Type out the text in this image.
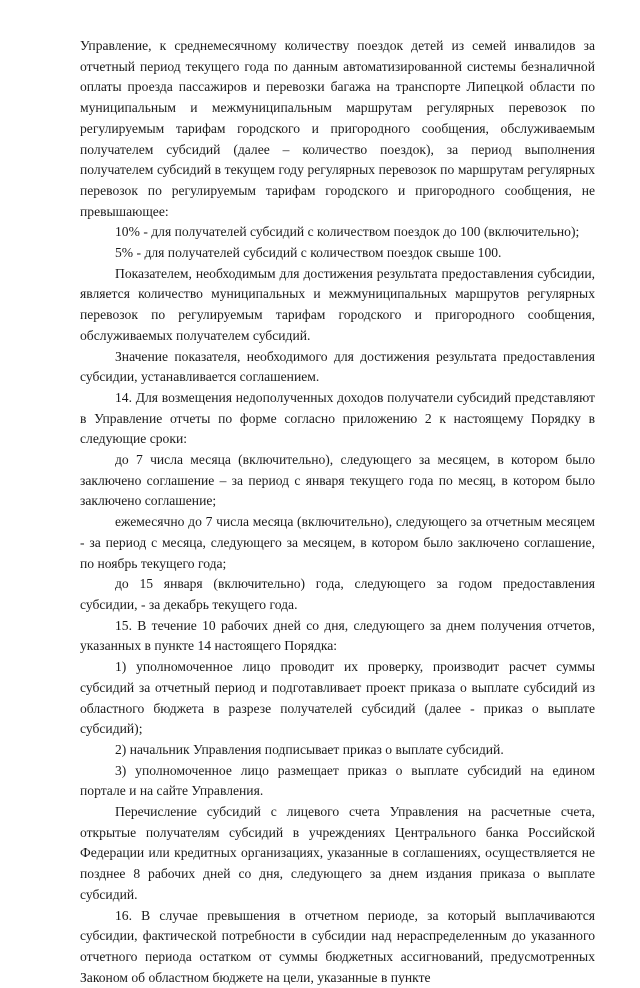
Управление, к среднемесячному количеству поездок детей из семей инвалидов за отчетный период текущего года по данным автоматизированной системы безналичной оплаты проезда пассажиров и перевозки багажа на транспорте Липецкой области по муниципальным и межмуниципальным маршрутам регулярных перевозок по регулируемым тарифам городского и пригородного сообщения, обслуживаемым получателем субсидий (далее – количество поездок), за период выполнения получателем субсидий в текущем году регулярных перевозок по маршрутам регулярных перевозок по регулируемым тарифам городского и пригородного сообщения, не превышающее:

10% - для получателей субсидий с количеством поездок до 100 (включительно);

5% - для получателей субсидий с количеством поездок свыше 100.

Показателем, необходимым для достижения результата предоставления субсидии, является количество муниципальных и межмуниципальных маршрутов регулярных перевозок по регулируемым тарифам городского и пригородного сообщения, обслуживаемых получателем субсидий.

Значение показателя, необходимого для достижения результата предоставления субсидии, устанавливается соглашением.

14. Для возмещения недополученных доходов получатели субсидий представляют в Управление отчеты по форме согласно приложению 2 к настоящему Порядку в следующие сроки:

до 7 числа месяца (включительно), следующего за месяцем, в котором было заключено соглашение – за период с января текущего года по месяц, в котором было заключено соглашение;

ежемесячно до 7 числа месяца (включительно), следующего за отчетным месяцем - за период с месяца, следующего за месяцем, в котором было заключено соглашение, по ноябрь текущего года;

до 15 января (включительно) года, следующего за годом предоставления субсидии, - за декабрь текущего года.

15. В течение 10 рабочих дней со дня, следующего за днем получения отчетов, указанных в пункте 14 настоящего Порядка:

1) уполномоченное лицо проводит их проверку, производит расчет суммы субсидий за отчетный период и подготавливает проект приказа о выплате субсидий из областного бюджета в разрезе получателей субсидий (далее - приказ о выплате субсидий);

2) начальник Управления подписывает приказ о выплате субсидий.

3) уполномоченное лицо размещает приказ о выплате субсидий на едином портале и на сайте Управления.

Перечисление субсидий с лицевого счета Управления на расчетные счета, открытые получателям субсидий в учреждениях Центрального банка Российской Федерации или кредитных организациях, указанные в соглашениях, осуществляется не позднее 8 рабочих дней со дня, следующего за днем издания приказа о выплате субсидий.

16. В случае превышения в отчетном периоде, за который выплачиваются субсидии, фактической потребности в субсидии над нераспределенным до указанного отчетного периода остатком от суммы бюджетных ассигнований, предусмотренных Законом об областном бюджете на цели, указанные в пункте
